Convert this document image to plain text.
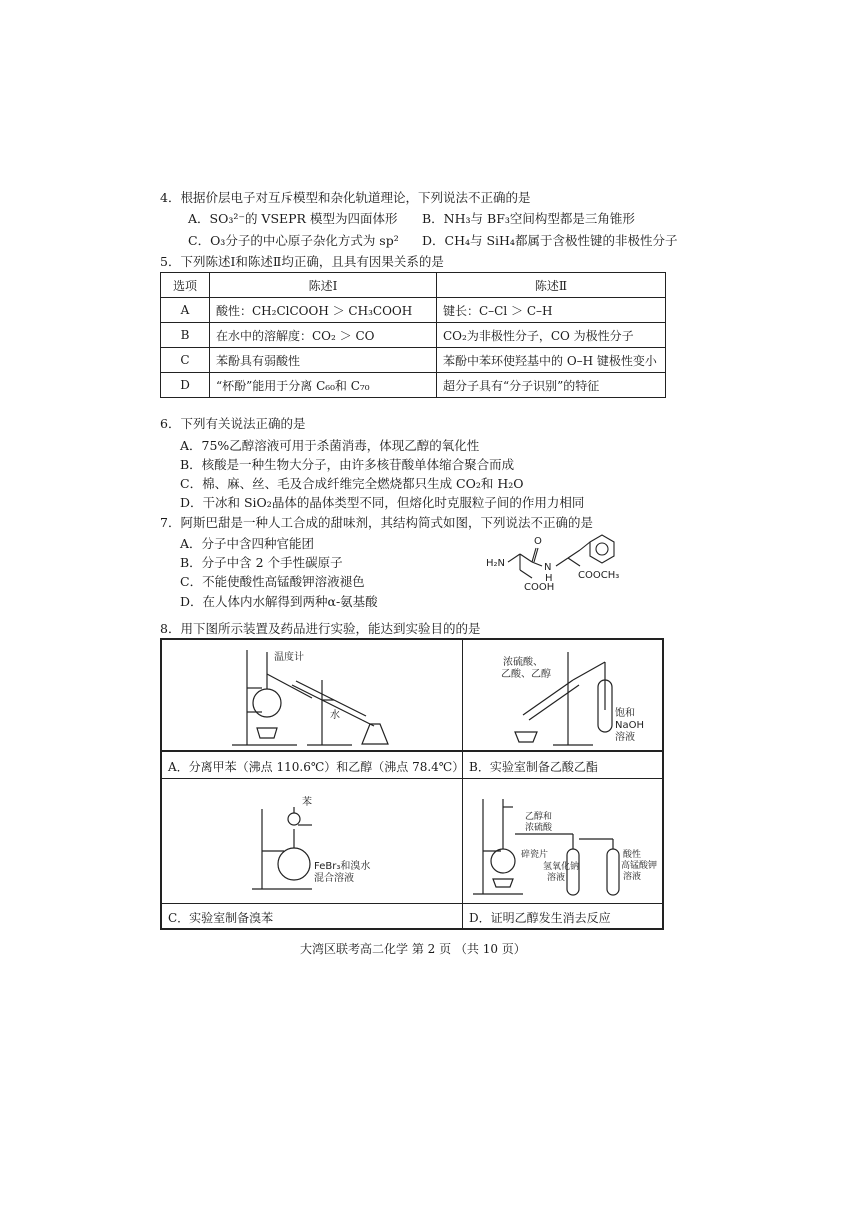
4．根据价层电子对互斥模型和杂化轨道理论，下列说法不正确的是
A．SO₃²⁻的 VSEPR 模型为四面体形 B．NH₃与 BF₃空间构型都是三角锥形
C．O₃分子的中心原子杂化方式为 sp² D．CH₄与 SiH₄都属于含极性键的非极性分子
5．下列陈述Ⅰ和陈述Ⅱ均正确，且具有因果关系的是
选项	陈述Ⅰ	陈述Ⅱ
A	酸性：CH₂ClCOOH ＞ CH₃COOH	键长：C–Cl ＞ C–H
B	在水中的溶解度：CO₂ ＞ CO	CO₂为非极性分子，CO 为极性分子
C	苯酚具有弱酸性	苯酚中苯环使羟基中的 O–H 键极性变小
D	“杯酚”能用于分离 C₆₀和 C₇₀	超分子具有“分子识别”的特征
6．下列有关说法正确的是
A．75%乙醇溶液可用于杀菌消毒，体现乙醇的氧化性
B．核酸是一种生物大分子，由许多核苷酸单体缩合聚合而成
C．棉、麻、丝、毛及合成纤维完全燃烧都只生成 CO₂和 H₂O
D．干冰和 SiO₂晶体的晶体类型不同，但熔化时克服粒子间的作用力相同
7．阿斯巴甜是一种人工合成的甜味剂，其结构简式如图，下列说法不正确的是
A．分子中含四种官能团
B．分子中含 2 个手性碳原子
C．不能使酸性高锰酸钾溶液褪色
D．在人体内水解得到两种α-氨基酸
H₂N
O
N
H
COOH
COOCH₃
8．用下图所示装置及药品进行实验，能达到实验目的的是
温度计
水
A．分离甲苯（沸点 110.6℃）和乙醇（沸点 78.4℃）
浓硫酸、
乙酸、乙醇
饱和
NaOH
溶液
B．实验室制备乙酸乙酯
苯
FeBr₃和溴水
混合溶液
C．实验室制备溴苯
乙醇和
浓硫酸
碎瓷片
氢氧化钠
溶液
酸性
高锰酸钾
溶液
D．证明乙醇发生消去反应
大湾区联考高二化学 第 2 页 （共 10 页）
